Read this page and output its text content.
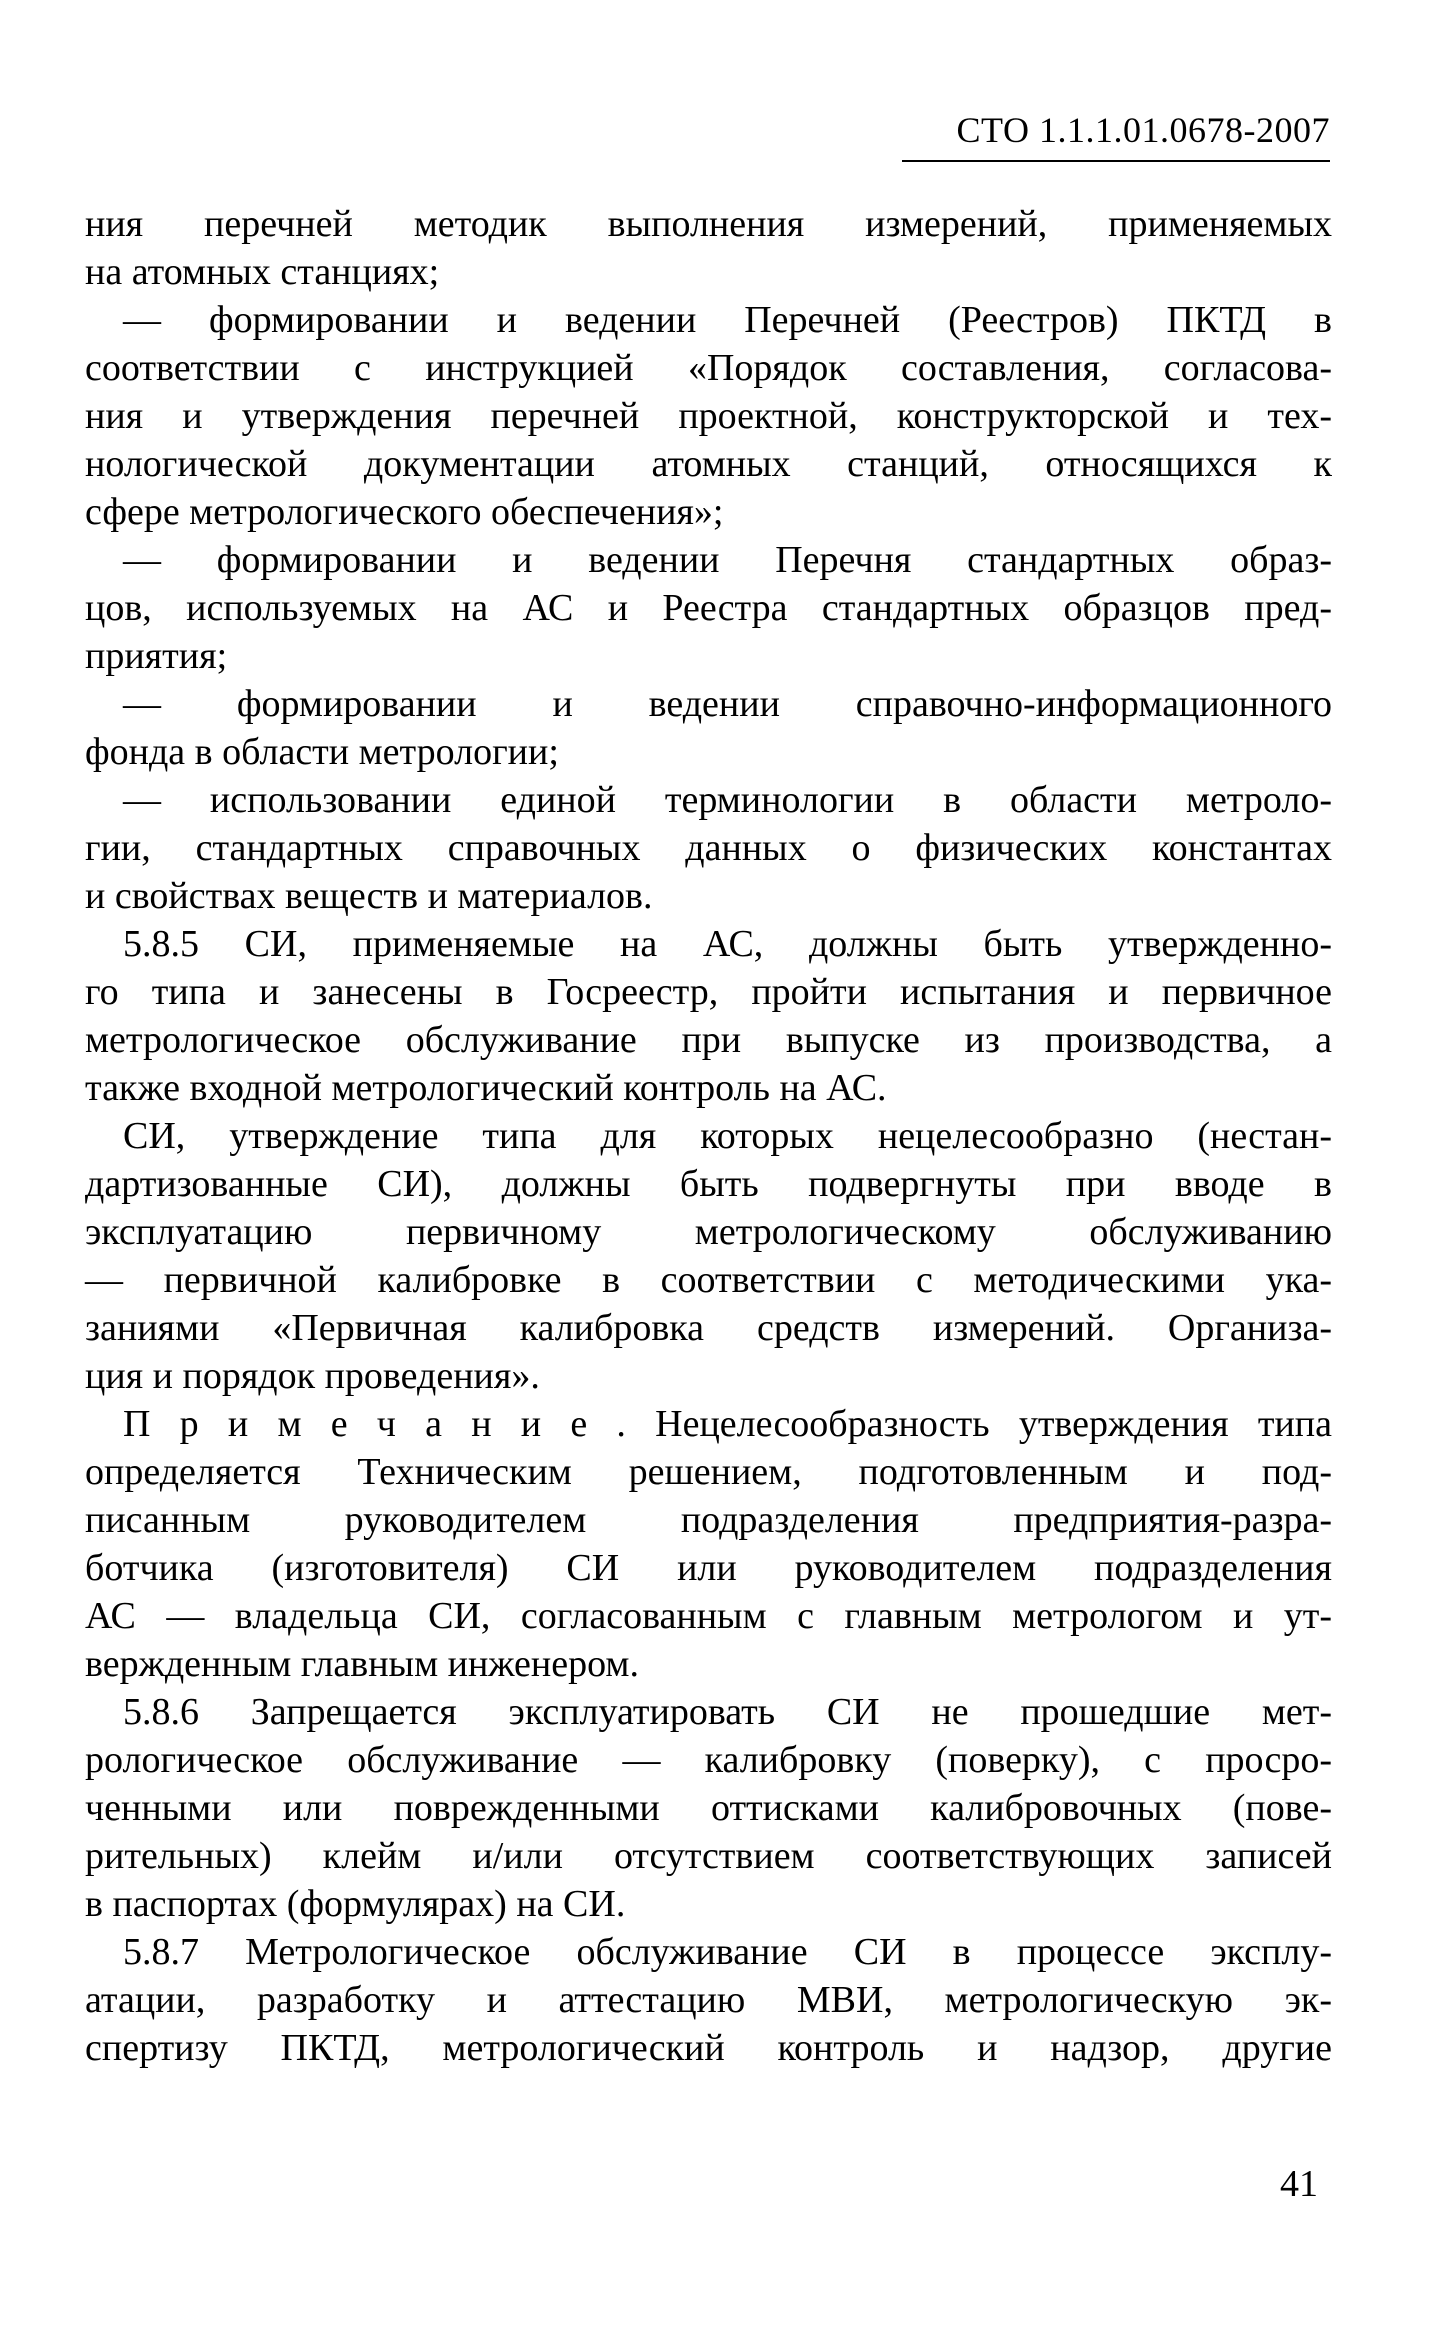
СТО 1.1.1.01.0678-2007
ния перечней методик выполнения измерений, применяемых
на атомных станциях;
— формировании и ведении Перечней (Реестров) ПКТД в
соответствии с инструкцией «Порядок составления, согласова-
ния и утверждения перечней проектной, конструкторской и тех-
нологической документации атомных станций, относящихся к
сфере метрологического обеспечения»;
— формировании и ведении Перечня стандартных образ-
цов, используемых на АС и Реестра стандартных образцов пред-
приятия;
— формировании и ведении справочно-информационного
фонда в области метрологии;
— использовании единой терминологии в области метроло-
гии, стандартных справочных данных о физических константах
и свойствах веществ и материалов.
5.8.5 СИ, применяемые на АС, должны быть утвержденно-
го типа и занесены в Госреестр, пройти испытания и первичное
метрологическое обслуживание при выпуске из производства, а
также входной метрологический контроль на АС.
СИ, утверждение типа для которых нецелесообразно (нестан-
дартизованные СИ), должны быть подвергнуты при вводе в
эксплуатацию первичному метрологическому обслуживанию
— первичной калибровке в соответствии с методическими ука-
заниями «Первичная калибровка средств измерений. Организа-
ция и порядок проведения».
П р и м е ч а н и е . Нецелесообразность утверждения типа
определяется Техническим решением, подготовленным и под-
писанным руководителем подразделения предприятия-разра-
ботчика (изготовителя) СИ или руководителем подразделения
АС — владельца СИ, согласованным с главным метрологом и ут-
вержденным главным инженером.
5.8.6 Запрещается эксплуатировать СИ не прошедшие мет-
рологическое обслуживание — калибровку (поверку), с просро-
ченными или поврежденными оттисками калибровочных (пове-
рительных) клейм и/или отсутствием соответствующих записей
в паспортах (формулярах) на СИ.
5.8.7 Метрологическое обслуживание СИ в процессе эксплу-
атации, разработку и аттестацию МВИ, метрологическую эк-
спертизу ПКТД, метрологический контроль и надзор, другие
41
